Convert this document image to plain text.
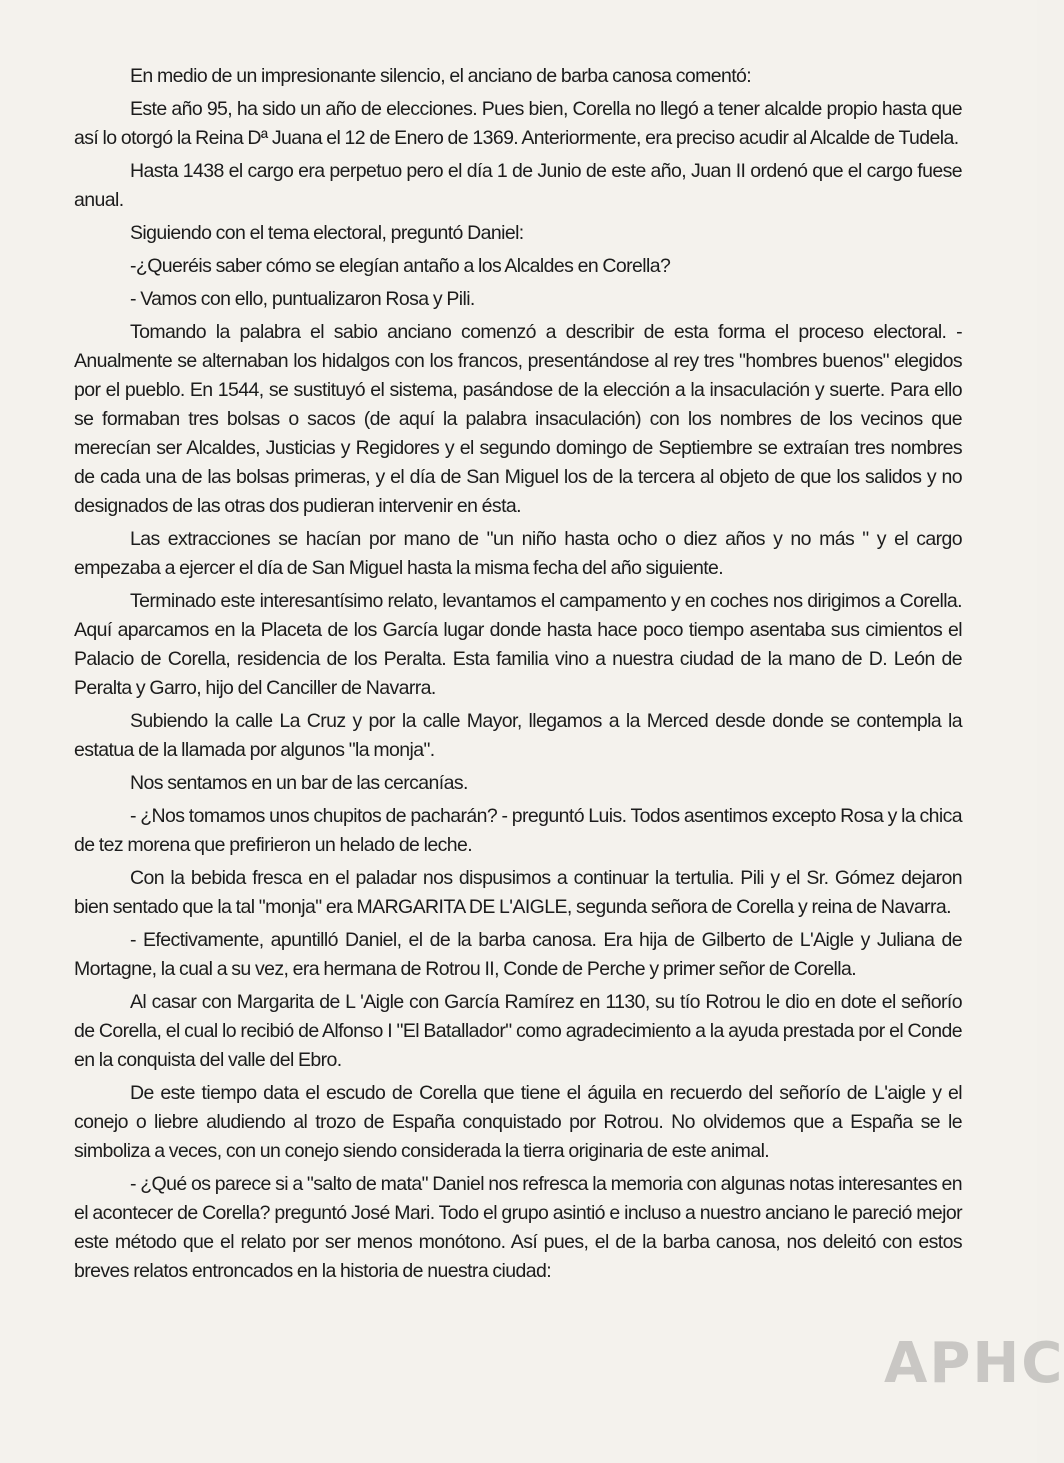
En medio de un impresionante silencio, el anciano de barba canosa comentó:

Este año 95, ha sido un año de elecciones. Pues bien, Corella no llegó a tener alcalde propio hasta que así lo otorgó la Reina Dª Juana el 12 de Enero de 1369. Anteriormente, era preciso acudir al Alcalde de Tudela.

Hasta 1438 el cargo era perpetuo pero el día 1 de Junio de este año, Juan II ordenó que el cargo fuese anual.

Siguiendo con el tema electoral, preguntó Daniel:

-¿Queréis saber cómo se elegían antaño a los Alcaldes en Corella?

- Vamos con ello, puntualizaron Rosa y Pili.

Tomando la palabra el sabio anciano comenzó a describir de esta forma el proceso electoral. - Anualmente se alternaban los hidalgos con los francos, presentándose al rey tres "hombres buenos" elegidos por el pueblo. En 1544, se sustituyó el sistema, pasándose de la elección a la insaculación y suerte. Para ello se formaban tres bolsas o sacos (de aquí la palabra insaculación) con los nombres de los vecinos que merecían ser Alcaldes, Justicias y Regidores y el segundo domingo de Septiembre se extraían tres nombres de cada una de las bolsas primeras, y el día de San Miguel los de la tercera al objeto de que los salidos y no designados de las otras dos pudieran intervenir en ésta.

Las extracciones se hacían por mano de "un niño hasta ocho o diez años y no más " y el cargo empezaba a ejercer el día de San Miguel hasta la misma fecha del año siguiente.

Terminado este interesantísimo relato, levantamos el campamento y en coches nos dirigimos a Corella. Aquí aparcamos en la Placeta de los García lugar donde hasta hace poco tiempo asentaba sus cimientos el Palacio de Corella, residencia de los Peralta. Esta familia vino a nuestra ciudad de la mano de D. León de Peralta y Garro, hijo del Canciller de Navarra.

Subiendo la calle La Cruz y por la calle Mayor, llegamos a la Merced desde donde se contempla la estatua de la llamada por algunos "la monja".

Nos sentamos en un bar de las cercanías.

- ¿Nos tomamos unos chupitos de pacharán? - preguntó Luis. Todos asentimos excepto Rosa y la chica de tez morena que prefirieron un helado de leche.

Con la bebida fresca en el paladar nos dispusimos a continuar la tertulia. Pili y el Sr. Gómez dejaron bien sentado que la tal "monja" era MARGARITA DE L'AIGLE, segunda señora de Corella y reina de Navarra.

- Efectivamente, apuntilló Daniel, el de la barba canosa. Era hija de Gilberto de L'Aigle y Juliana de Mortagne, la cual a su vez, era hermana de Rotrou II, Conde de Perche y primer señor de Corella.

Al casar con Margarita de L 'Aigle con García Ramírez en 1130, su tío Rotrou le dio en dote el señorío de Corella, el cual lo recibió de Alfonso I "El Batallador" como agradecimiento a la ayuda prestada por el Conde en la conquista del valle del Ebro.

De este tiempo data el escudo de Corella que tiene el águila en recuerdo del señorío de L'aigle y el conejo o liebre aludiendo al trozo de España conquistado por Rotrou. No olvidemos que a España se le simboliza a veces, con un conejo siendo considerada la tierra originaria de este animal.

- ¿Qué os parece si a "salto de mata" Daniel nos refresca la memoria con algunas notas interesantes en el acontecer de Corella? preguntó José Mari. Todo el grupo asintió e incluso a nuestro anciano le pareció mejor este método que el relato por ser menos monótono. Así pues, el de la barba canosa, nos deleitó con estos breves relatos entroncados en la historia de nuestra ciudad:

APHC
